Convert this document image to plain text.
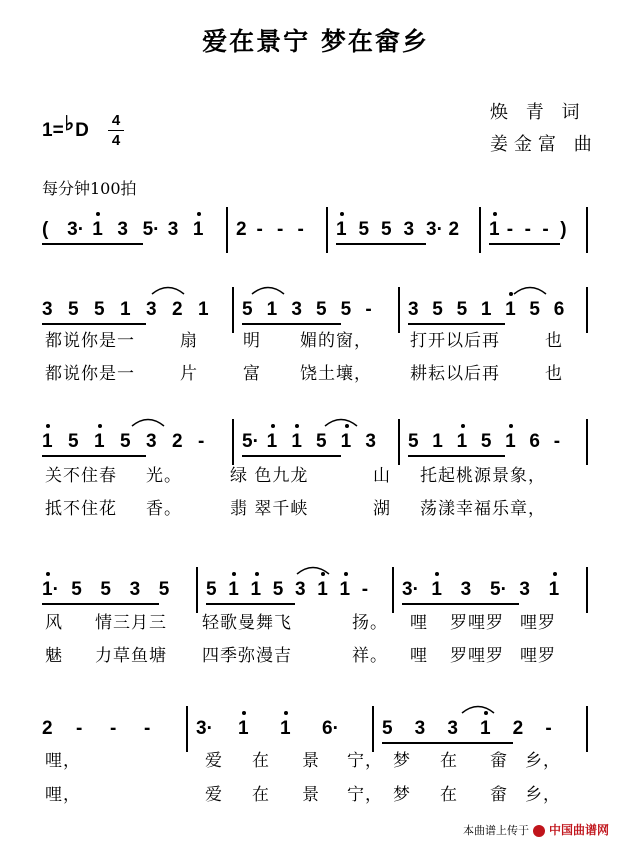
爱在景宁 梦在畲乡
1=♭D 4
4
焕 青 词
姜金富 曲
每分钟100拍
( 3· 1 3 5· 3 1 2 - - - 1 5 5 3 3· 2 1 - - - )
3 5 5 1 3 2 1 5 1 3 5 5 - 3 5 5 1 1 5 6
都说你是一	扇	明 媚的窗， 打开以后再	也
都说你是一	片	富 饶土壤， 耕耘以后再	也
1 5 1 5 3 2 - 5· 1 1 5 1 3 5 1 1 5 1 6 -
关不住春 光。	绿 色九龙	山 托起桃源景象，
抵不住花 香。	翡 翠千峡	湖 荡漾幸福乐章，
1· 5 5 3 5 5 1 1 5 3 1 1 - 3· 1 3 5· 3 1
风 情三月三 轻歌曼舞飞	扬。 哩 罗哩罗 哩罗
魅 力草鱼塘 四季弥漫吉	祥。 哩 罗哩罗 哩罗
2 - - - 3· 1 1 6· 5 3 3 1 2 -
哩，	爱 在 景 宁， 梦 在 畲 乡，
哩，	爱 在 景 宁， 梦 在 畲 乡，
本曲谱上传于 中国曲谱网
